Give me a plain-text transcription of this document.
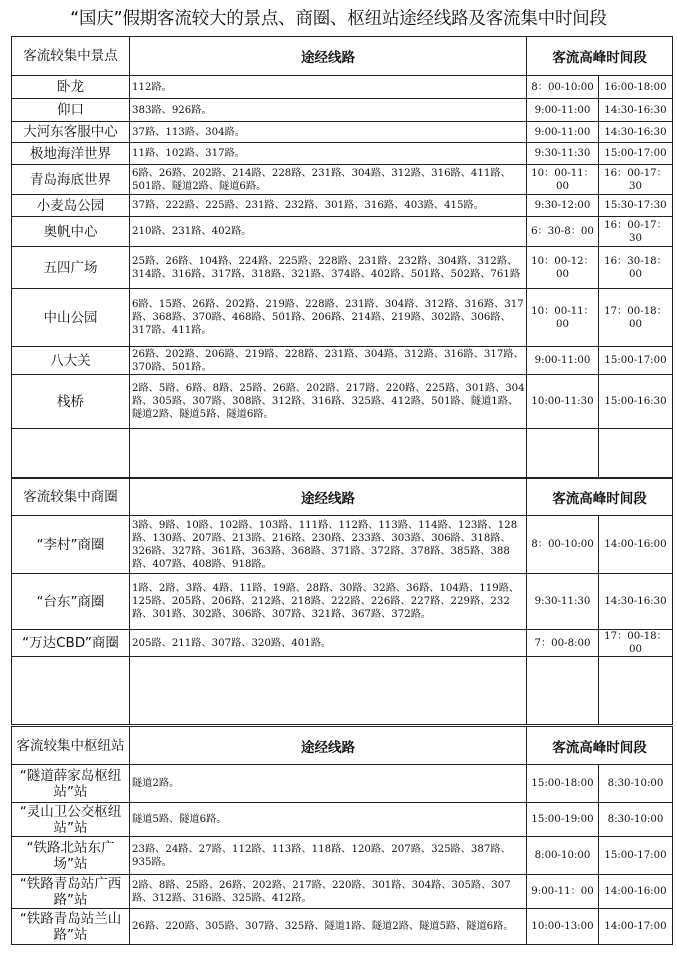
“国庆”假期客流较大的景点、商圈、枢纽站途经线路及客流集中时间段
客流较集中景点	途经线路	客流高峰时间段	
卧龙	112路。	8：00-10:00	16:00-18:00
仰口	383路、926路。	9:00-11:00	14:30-16:30
大河东客服中心	37路、113路、304路。	9:00-11:00	14:30-16:30
极地海洋世界	11路、102路、317路。	9:30-11:30	15:00-17:00
青岛海底世界	6路、26路、202路、214路、228路、231路、304路、312路、316路、411路、501路、隧道2路、隧道6路。	10：00-11：00	16：00-17：30
小麦岛公园	37路、222路、225路、231路、232路、301路、316路、403路、415路。	9:30-12:00	15:30-17:30
奥帆中心	210路、231路、402路。	6：30-8：00	16：00-17：30
五四广场	25路、26路、104路、224路、225路、228路、231路、232路、304路、312路、314路、316路、317路、318路、321路、374路、402路、501路、502路、761路	10：00-12：00	16：30-18：00
中山公园	6路、15路、26路、202路、219路、228路、231路、304路、312路、316路、317路、368路、370路、468路、501路、206路、214路、219路、302路、306路、317路、411路。	10：00-11：00	17：00-18：00
八大关	26路、202路、206路、219路、228路、231路、304路、312路、316路、317路、370路、501路。	9:00-11:00	15:00-17:00
栈桥	2路、5路、6路、8路、25路、26路、202路、217路、220路、225路、301路、304路、305路、307路、308路、312路、316路、325路、412路、501路、隧道1路、隧道2路、隧道5路、隧道6路。	10:00-11:30	15:00-16:30

客流较集中商圈	途经线路	客流高峰时间段	
“李村”商圈	3路、9路、10路、102路、103路、111路、112路、113路、114路、123路、128路、130路、207路、213路、216路、230路、233路、303路、306路、318路、326路、327路、361路、363路、368路、371路、372路、378路、385路、388路、407路、408路、918路。	8：00-10:00	14:00-16:00
“台东”商圈	1路、2路、3路、4路、11路、19路、28路、30路、32路、36路、104路、119路、125路、205路、206路、212路、218路、222路、226路、227路、229路、232路、301路、302路、306路、307路、321路、367路、372路。	9:30-11:30	14:30-16:30
“万达CBD”商圈	205路、211路、307路、320路、401路。	7：00-8:00	17：00-18：00

客流较集中枢纽站	途经线路	客流高峰时间段	
“隧道薛家岛枢纽站”站	隧道2路。	15:00-18:00	8:30-10:00
“灵山卫公交枢纽站”站	隧道5路、隧道6路。	15:00-19:00	8:30-10:00
“铁路北站东广场”站	23路、24路、27路、112路、113路、118路、120路、207路、325路、387路、935路。	8:00-10:00	15:00-17:00
“铁路青岛站广西路”站	2路、8路、25路、26路、202路、217路、220路、301路、304路、305路、307路、312路、316路、325路、412路。	9:00-11：00	14:00-16:00
“铁路青岛站兰山路”站	26路、220路、305路、307路、325路、隧道1路、隧道2路、隧道5路、隧道6路。	10:00-13:00	14:00-17:00
